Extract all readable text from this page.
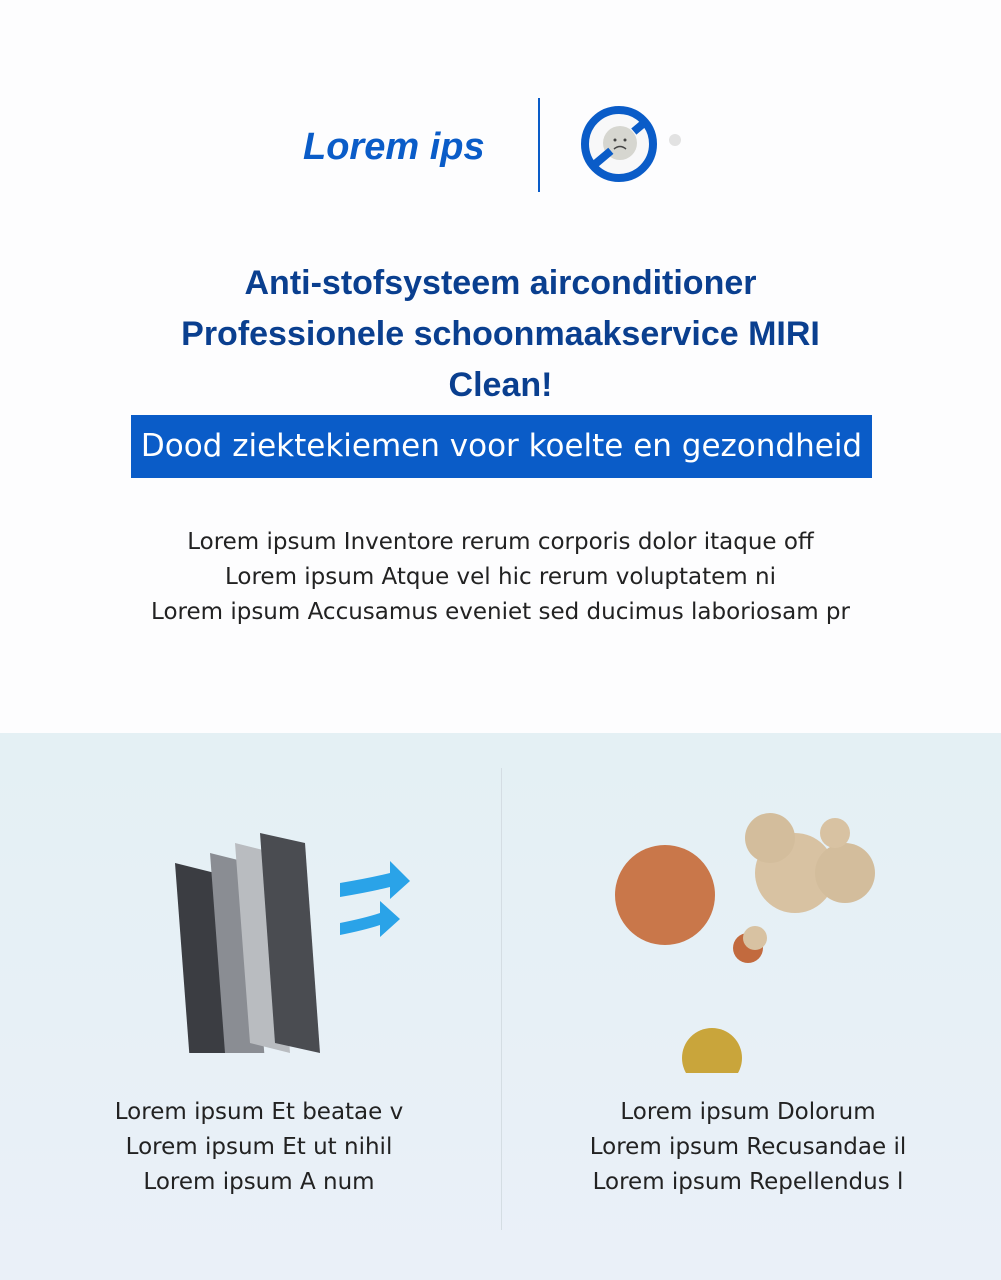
Lorem ips
Anti-stofsysteem airconditioner
Professionele schoonmaakservice MIRI
Clean!
Dood ziektekiemen voor koelte en gezondheid
Lorem ipsum Inventore rerum corporis dolor itaque off
Lorem ipsum Atque vel hic rerum voluptatem ni
Lorem ipsum Accusamus eveniet sed ducimus laboriosam pr
Lorem ipsum Et beatae v
Lorem ipsum Et ut nihil
Lorem ipsum A num
Lorem ipsum Dolorum
Lorem ipsum Recusandae il
Lorem ipsum Repellendus l
